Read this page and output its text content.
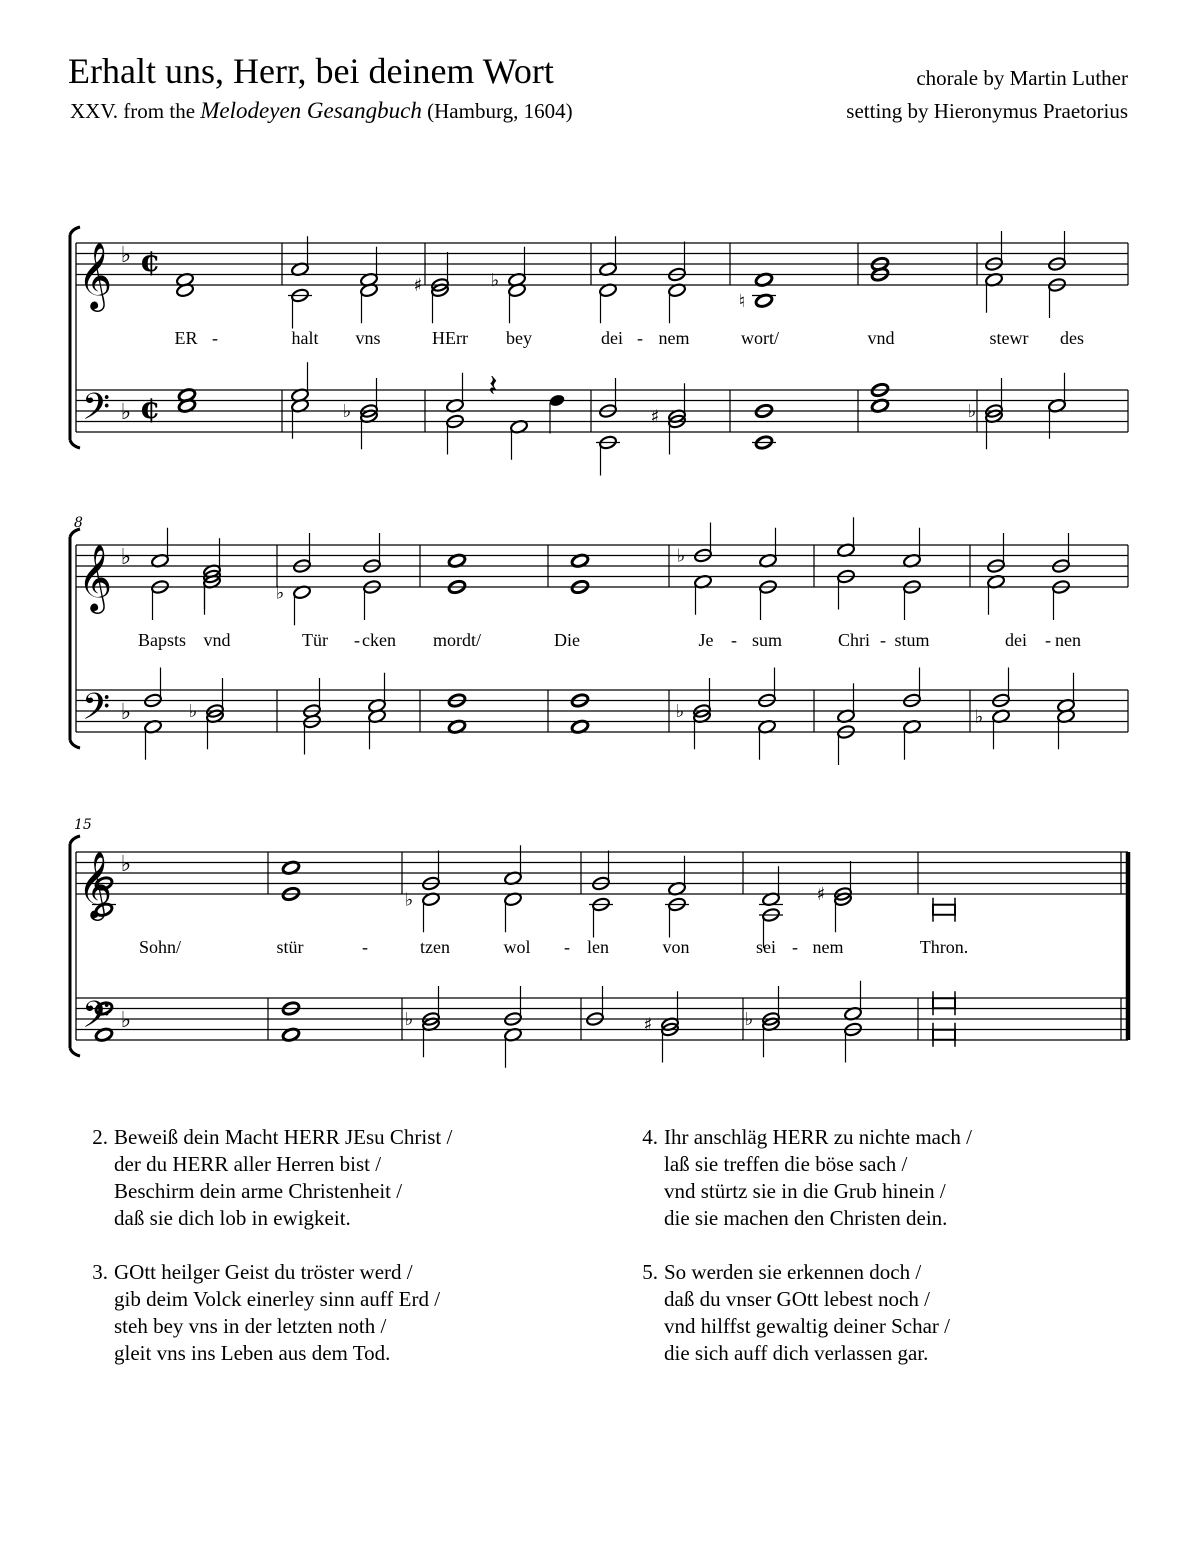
Erhalt uns, Herr, bei deinem Wort
XXV. from the Melodeyen Gesangbuch (Hamburg, 1604)
chorale by Martin Luther
setting by Hieronymus Praetorius
𝄞
𝄢
♭
♭
¢
¢
♯	♭
♮
♭	♯	♭
𝄽
ER -	halt vns	HErr bey	dei - nem	wort/	vnd	stewr des
𝄞
𝄢
♭
♭
8
♭
♭
♭	♭	♭
Bapsts vnd	Tür - cken mordt/	Die	Je - sum	Chri - stum	dei - nen
𝄞
𝄢
♭
♭
15
♭	♯
♭	♯	♭
Sohn/	stür	-	tzen	wol - len	von	sei - nem	Thron.
2. Beweiß dein Macht HERR JEsu Christ /
der du HERR aller Herren bist /
Beschirm dein arme Christenheit /
daß sie dich lob in ewigkeit.
3. GOtt heilger Geist du tröster werd /
gib deim Volck einerley sinn auff Erd /
steh bey vns in der letzten noth /
gleit vns ins Leben aus dem Tod.
4. Ihr anschläg HERR zu nichte mach /
laß sie treffen die böse sach /
vnd stürtz sie in die Grub hinein /
die sie machen den Christen dein.
5. So werden sie erkennen doch /
daß du vnser GOtt lebest noch /
vnd hilffst gewaltig deiner Schar /
die sich auff dich verlassen gar.
